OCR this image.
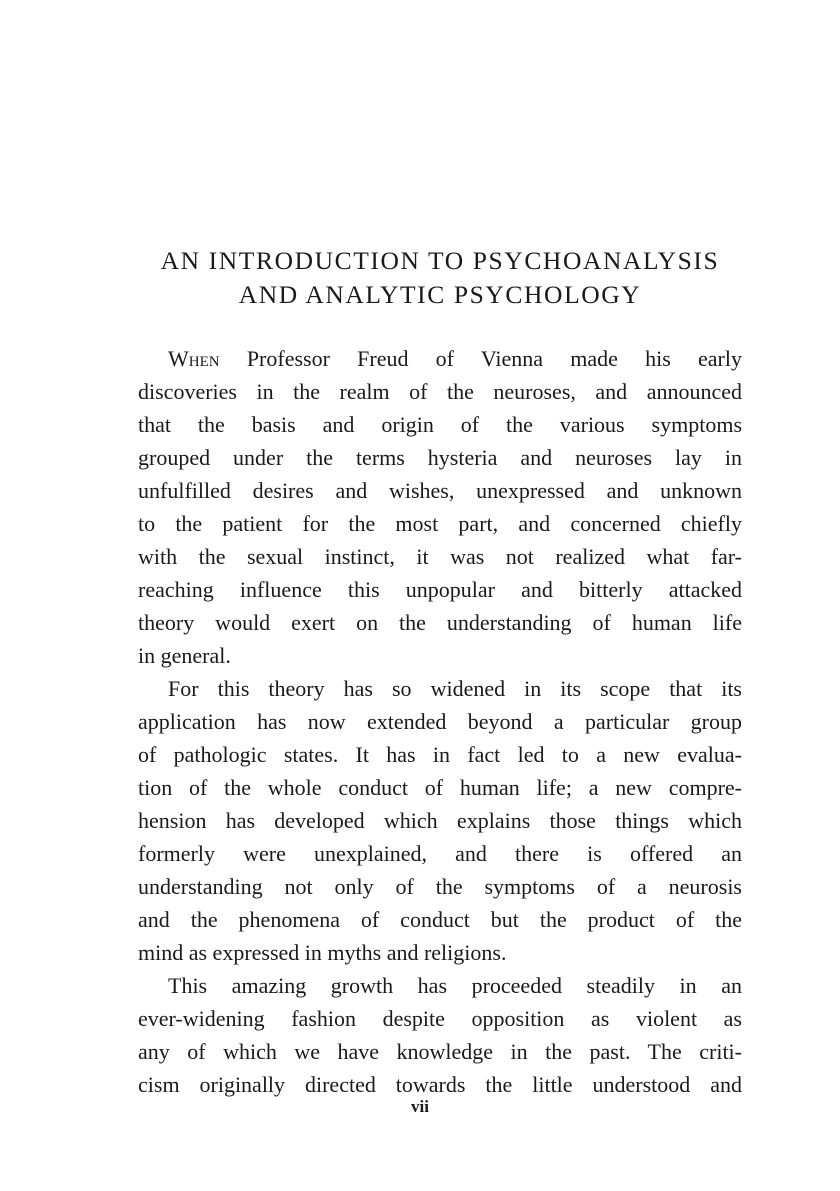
AN INTRODUCTION TO PSYCHOANALYSIS
AND ANALYTIC PSYCHOLOGY

When Professor Freud of Vienna made his early
discoveries in the realm of the neuroses, and announced
that the basis and origin of the various symptoms
grouped under the terms hysteria and neuroses lay in
unfulfilled desires and wishes, unexpressed and unknown
to the patient for the most part, and concerned chiefly
with the sexual instinct, it was not realized what far-
reaching influence this unpopular and bitterly attacked
theory would exert on the understanding of human life
in general.

For this theory has so widened in its scope that its
application has now extended beyond a particular group
of pathologic states. It has in fact led to a new evalua-
tion of the whole conduct of human life; a new compre-
hension has developed which explains those things which
formerly were unexplained, and there is offered an
understanding not only of the symptoms of a neurosis
and the phenomena of conduct but the product of the
mind as expressed in myths and religions.

This amazing growth has proceeded steadily in an
ever-widening fashion despite opposition as violent as
any of which we have knowledge in the past. The criti-
cism originally directed towards the little understood and

vii
